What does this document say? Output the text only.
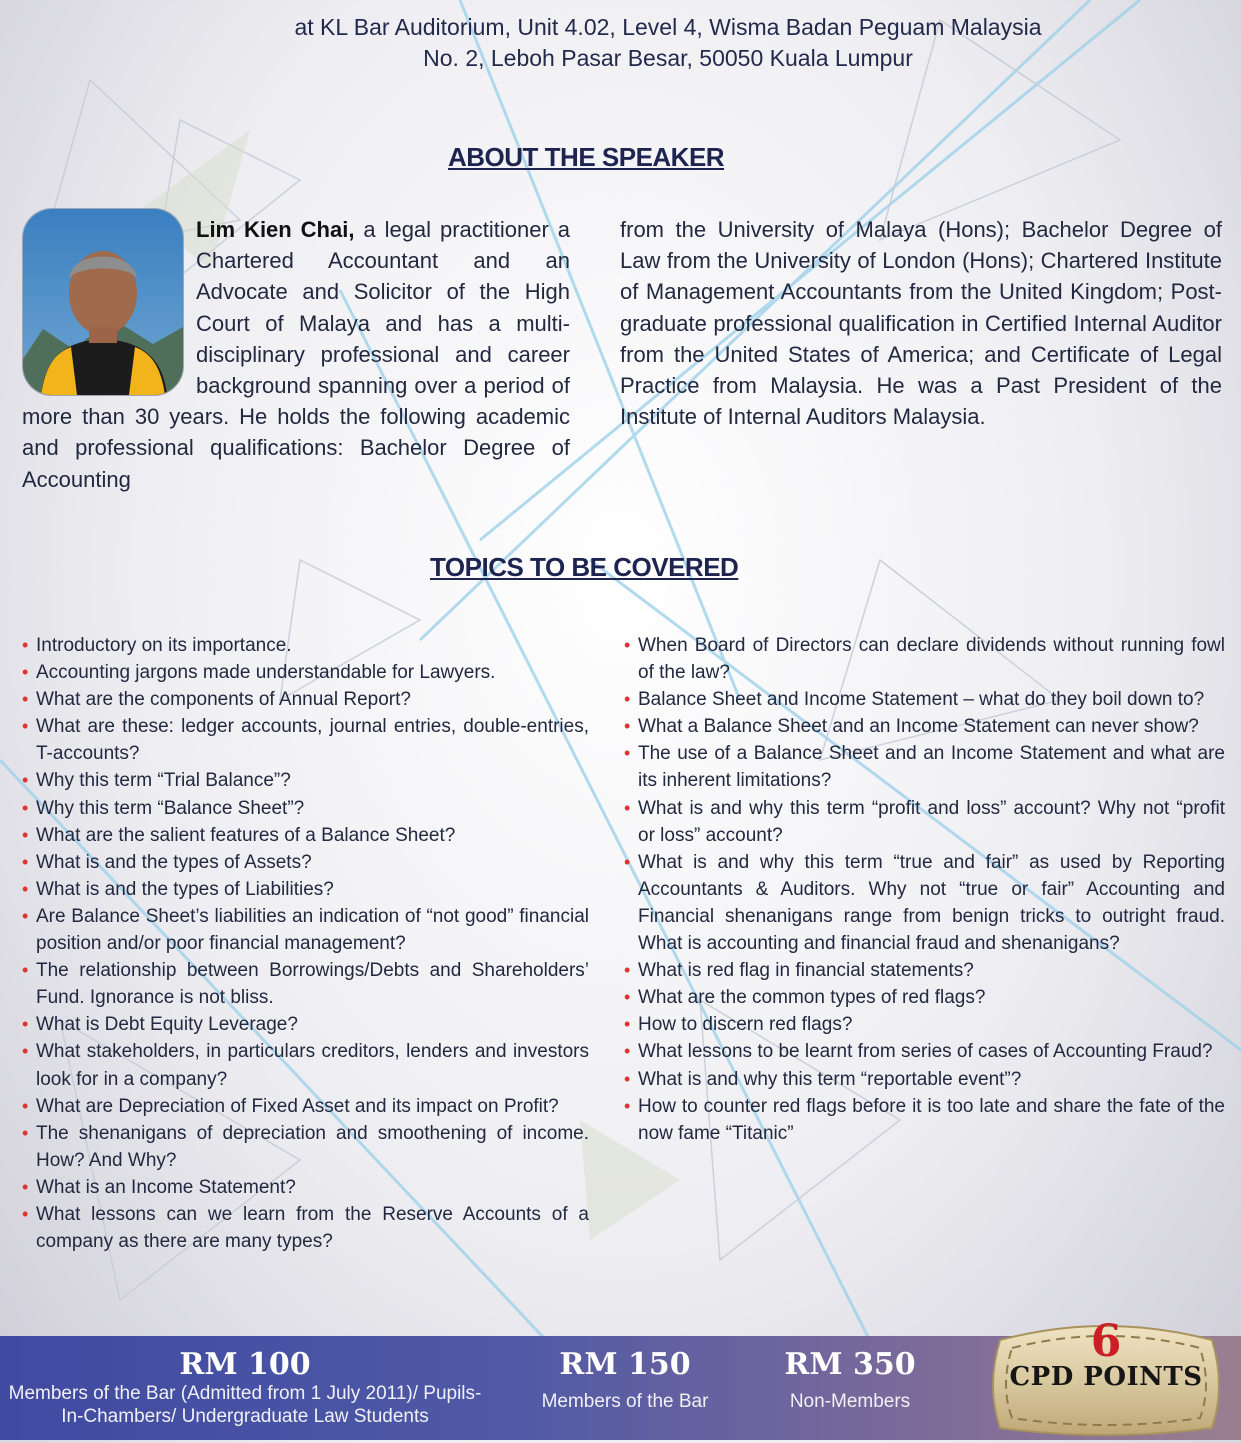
at KL Bar Auditorium, Unit 4.02, Level 4, Wisma Badan Peguam Malaysia
No. 2, Leboh Pasar Besar, 50050 Kuala Lumpur
ABOUT THE SPEAKER
Lim Kien Chai, a legal practitioner a Chartered Accountant and an Advocate and Solicitor of the High Court of Malaya and has a multi-disciplinary professional and career background spanning over a period of more than 30 years. He holds the following academic and professional qualifications: Bachelor Degree of Accounting
from the University of Malaya (Hons); Bachelor Degree of Law from the University of London (Hons); Chartered Institute of Management Accountants from the United Kingdom; Post-graduate professional qualification in Certified Internal Auditor from the United States of America; and Certificate of Legal Practice from Malaysia. He was a Past President of the Institute of Internal Auditors Malaysia.
TOPICS TO BE COVERED
• Introductory on its importance.
• Accounting jargons made understandable for Lawyers.
• What are the components of Annual Report?
• What are these: ledger accounts, journal entries, double-entries, T-accounts?
• Why this term “Trial Balance”?
• Why this term “Balance Sheet”?
• What are the salient features of a Balance Sheet?
• What is and the types of Assets?
• What is and the types of Liabilities?
• Are Balance Sheet’s liabilities an indication of “not good” financial position and/or poor financial management?
• The relationship between Borrowings/Debts and Shareholders’ Fund. Ignorance is not bliss.
• What is Debt Equity Leverage?
• What stakeholders, in particulars creditors, lenders and investors look for in a company?
• What are Depreciation of Fixed Asset and its impact on Profit?
• The shenanigans of depreciation and smoothening of income. How? And Why?
• What is an Income Statement?
• What lessons can we learn from the Reserve Accounts of a company as there are many types?
• When Board of Directors can declare dividends without running fowl of the law?
• Balance Sheet and Income Statement – what do they boil down to?
• What a Balance Sheet and an Income Statement can never show?
• The use of a Balance Sheet and an Income Statement and what are its inherent limitations?
• What is and why this term “profit and loss” account? Why not “profit or loss” account?
• What is and why this term “true and fair” as used by Reporting Accountants & Auditors. Why not “true or fair” Accounting and Financial shenanigans range from benign tricks to outright fraud. What is accounting and financial fraud and shenanigans?
• What is red flag in financial statements?
• What are the common types of red flags?
• How to discern red flags?
• What lessons to be learnt from series of cases of Accounting Fraud?
• What is and why this term “reportable event”?
• How to counter red flags before it is too late and share the fate of the now fame “Titanic”
RM 100
Members of the Bar (Admitted from 1 July 2011)/ Pupils-In-Chambers/ Undergraduate Law Students
RM 150
Members of the Bar
RM 350
Non-Members
6
CPD POINTS
